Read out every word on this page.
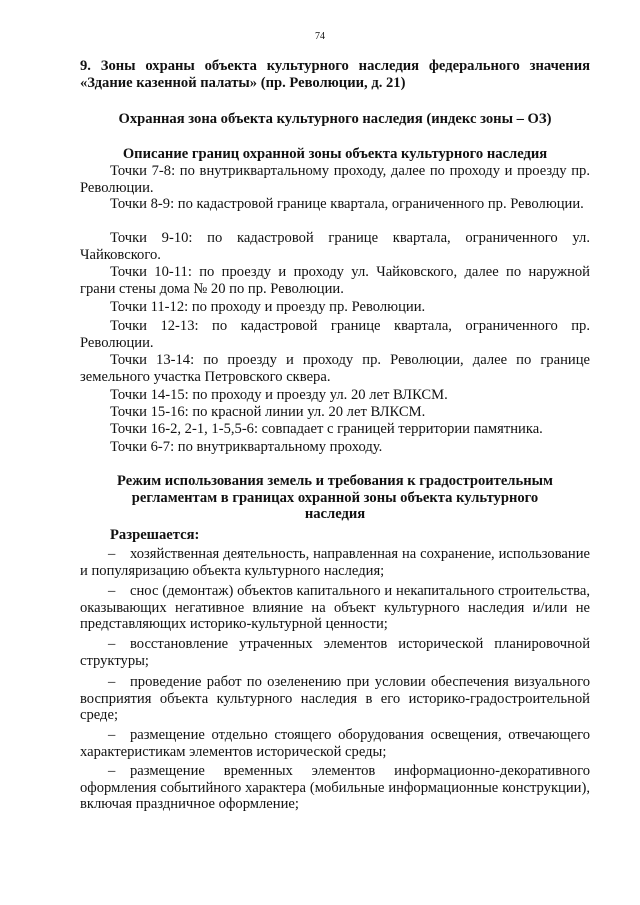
74
9. Зоны охраны объекта культурного наследия федерального значения «Здание казенной палаты» (пр. Революции, д. 21)
Охранная зона объекта культурного наследия (индекс зоны – ОЗ)
Описание границ охранной зоны объекта культурного наследия
Точки 7-8: по внутриквартальному проходу, далее по проходу и проезду пр. Революции.
Точки 8-9: по кадастровой границе квартала, ограниченного пр. Революции.
Точки 9-10: по кадастровой границе квартала, ограниченного ул. Чайковского.
Точки 10-11: по проезду и проходу ул. Чайковского, далее по наружной грани стены дома № 20 по пр. Революции.
Точки 11-12: по проходу и проезду пр. Революции.
Точки 12-13: по кадастровой границе квартала, ограниченного пр. Революции.
Точки 13-14: по проезду и проходу пр. Революции, далее по границе земельного участка Петровского сквера.
Точки 14-15: по проходу и проезду ул. 20 лет ВЛКСМ.
Точки 15-16: по красной линии ул. 20 лет ВЛКСМ.
Точки 16-2, 2-1, 1-5,5-6: совпадает с границей территории памятника.
Точки 6-7: по внутриквартальному проходу.
Режим использования земель и требования к градостроительным регламентам в границах охранной зоны объекта культурного наследия
Разрешается:
– хозяйственная деятельность, направленная на сохранение, использование и популяризацию объекта культурного наследия;
– снос (демонтаж) объектов капитального и некапитального строительства, оказывающих негативное влияние на объект культурного наследия и/или не представляющих историко-культурной ценности;
– восстановление утраченных элементов исторической планировочной структуры;
– проведение работ по озеленению при условии обеспечения визуального восприятия объекта культурного наследия в его историко-градостроительной среде;
– размещение отдельно стоящего оборудования освещения, отвечающего характеристикам элементов исторической среды;
– размещение временных элементов информационно-декоративного оформления событийного характера (мобильные информационные конструкции), включая праздничное оформление;
